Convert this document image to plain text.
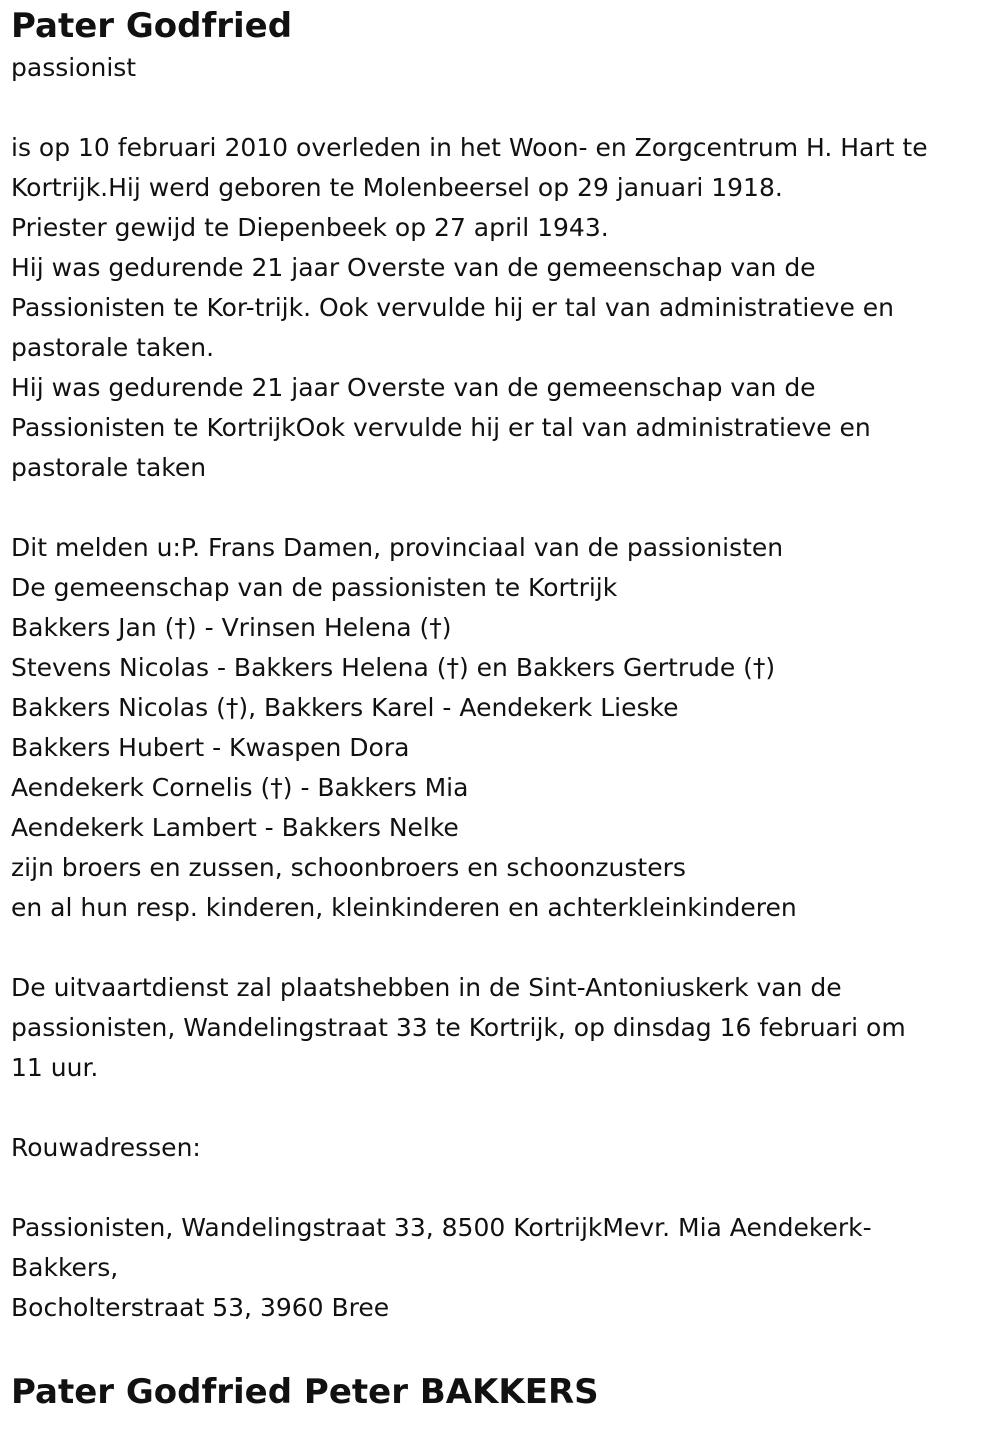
Pater Godfried

passionist

is op 10 februari 2010 overleden in het Woon- en Zorgcentrum H. Hart te

Kortrijk.Hij werd geboren te Molenbeersel op 29 januari 1918.

Priester gewijd te Diepenbeek op 27 april 1943.

Hij was gedurende 21 jaar Overste van de gemeenschap van de

Passionisten te Kor-trijk. Ook vervulde hij er tal van administratieve en

pastorale taken.

Hij was gedurende 21 jaar Overste van de gemeenschap van de

Passionisten te KortrijkOok vervulde hij er tal van administratieve en

pastorale taken

Dit melden u:P. Frans Damen, provinciaal van de passionisten

De gemeenschap van de passionisten te Kortrijk

Bakkers Jan (†) - Vrinsen Helena (†)

Stevens Nicolas - Bakkers Helena (†) en Bakkers Gertrude (†)

Bakkers Nicolas (†), Bakkers Karel - Aendekerk Lieske

Bakkers Hubert - Kwaspen Dora

Aendekerk Cornelis (†) - Bakkers Mia

Aendekerk Lambert - Bakkers Nelke

zijn broers en zussen, schoonbroers en schoonzusters

en al hun resp. kinderen, kleinkinderen en achterkleinkinderen

De uitvaartdienst zal plaatshebben in de Sint-Antoniuskerk van de

passionisten, Wandelingstraat 33 te Kortrijk, op dinsdag 16 februari om

11 uur.

Rouwadressen:

Passionisten, Wandelingstraat 33, 8500 KortrijkMevr. Mia Aendekerk-

Bakkers,

Bocholterstraat 53, 3960 Bree

Pater Godfried Peter BAKKERS
